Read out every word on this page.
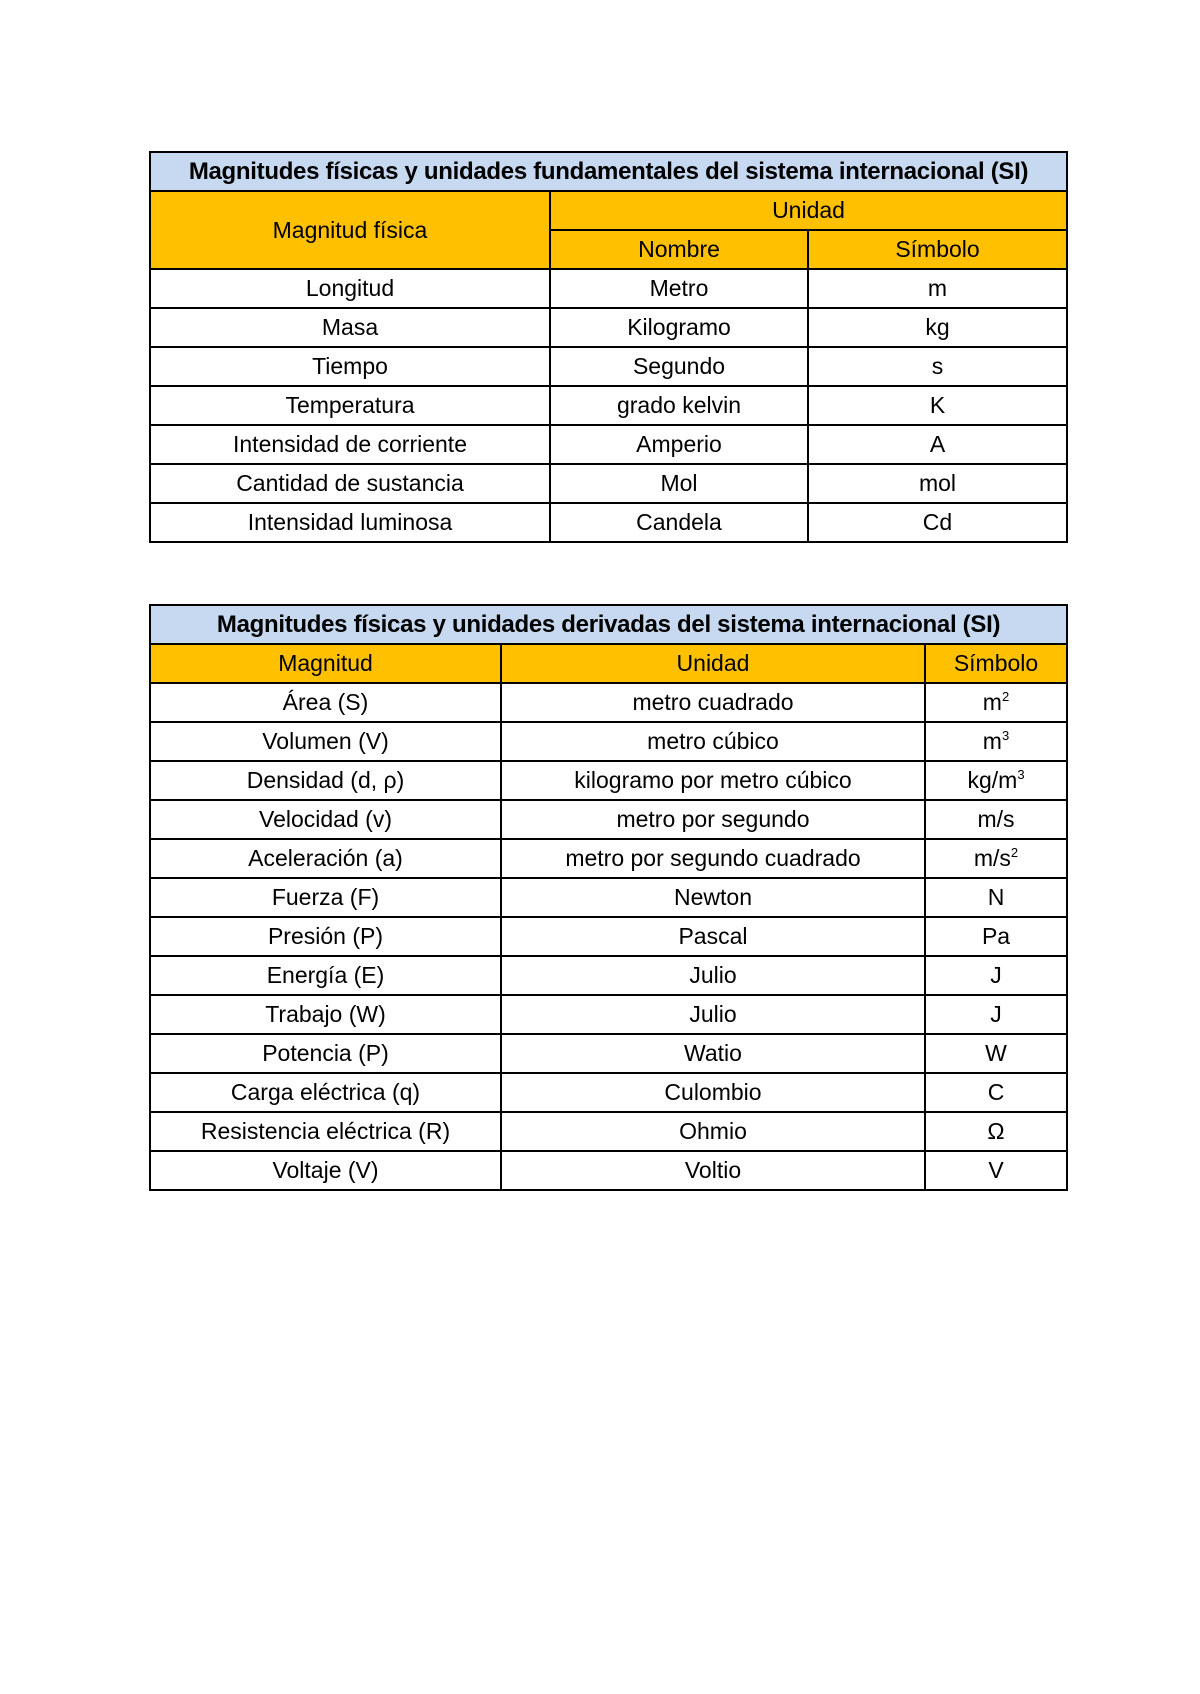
Magnitudes físicas y unidades fundamentales del sistema internacional (SI)		
Magnitud física	Unidad	
	Nombre	Símbolo
Longitud	Metro	m
Masa	Kilogramo	kg
Tiempo	Segundo	s
Temperatura	grado kelvin	K
Intensidad de corriente	Amperio	A
Cantidad de sustancia	Mol	mol
Intensidad luminosa	Candela	Cd
Magnitudes físicas y unidades derivadas del sistema internacional (SI)		
Magnitud	Unidad	Símbolo
Área (S)	metro cuadrado	$m^2$
Volumen (V)	metro cúbico	$m^3$
Densidad (d, ρ)	kilogramo por metro cúbico	$kg/m^3$
Velocidad (v)	metro por segundo	m/s
Aceleración (a)	metro por segundo cuadrado	$m/s^2$
Fuerza (F)	Newton	N
Presión (P)	Pascal	Pa
Energía (E)	Julio	J
Trabajo (W)	Julio	J
Potencia (P)	Watio	W
Carga eléctrica (q)	Culombio	C
Resistencia eléctrica (R)	Ohmio	Ω
Voltaje (V)	Voltio	V
